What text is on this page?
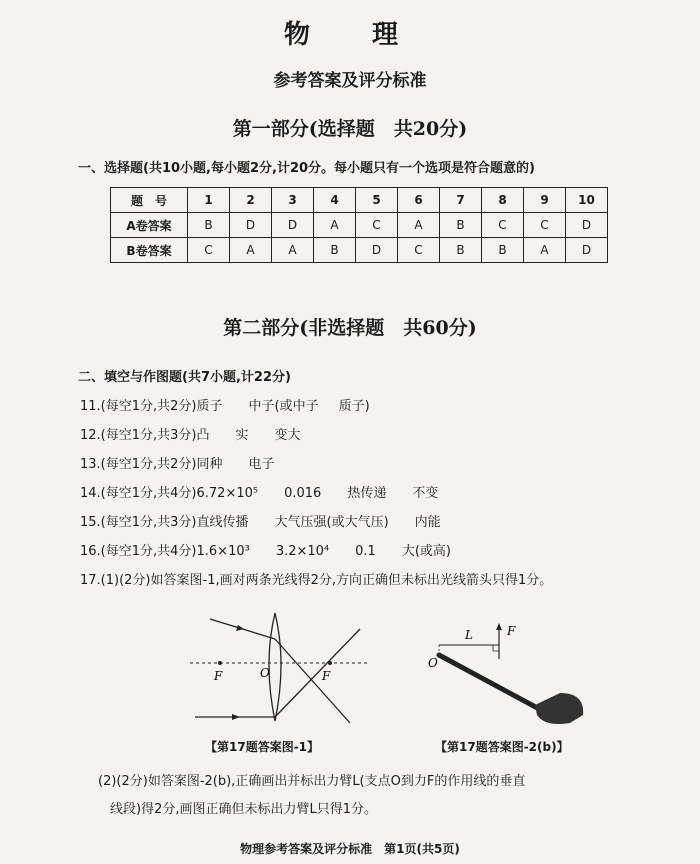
物　理
参考答案及评分标准
第一部分(选择题　共20分)
一、选择题(共10小题,每小题2分,计20分。每小题只有一个选项是符合题意的)
题　号	1	2	3	4	5	6	7	8	9	10
A卷答案	B	D	D	A	C	A	B	C	C	D
B卷答案	C	A	A	B	D	C	B	B	A	D
第二部分(非选择题　共60分)
二、填空与作图题(共7小题,计22分)
11.(每空1分,共2分)质子 中子(或中子 质子)
12.(每空1分,共3分)凸 实 变大
13.(每空1分,共2分)同种 电子
14.(每空1分,共4分)6.72×10⁵ 0.016 热传递 不变
15.(每空1分,共3分)直线传播 大气压强(或大气压) 内能
16.(每空1分,共4分)1.6×10³ 3.2×10⁴ 0.1 大(或高)
17.(1)(2分)如答案图-1,画对两条光线得2分,方向正确但未标出光线箭头只得1分。
F	O	F
L	F
O
【第17题答案图-1】	【第17题答案图-2(b)】
(2)(2分)如答案图-2(b),正确画出并标出力臂L(支点O到力F的作用线的垂直
线段)得2分,画图正确但未标出力臂L只得1分。
物理参考答案及评分标准　第1页(共5页)
